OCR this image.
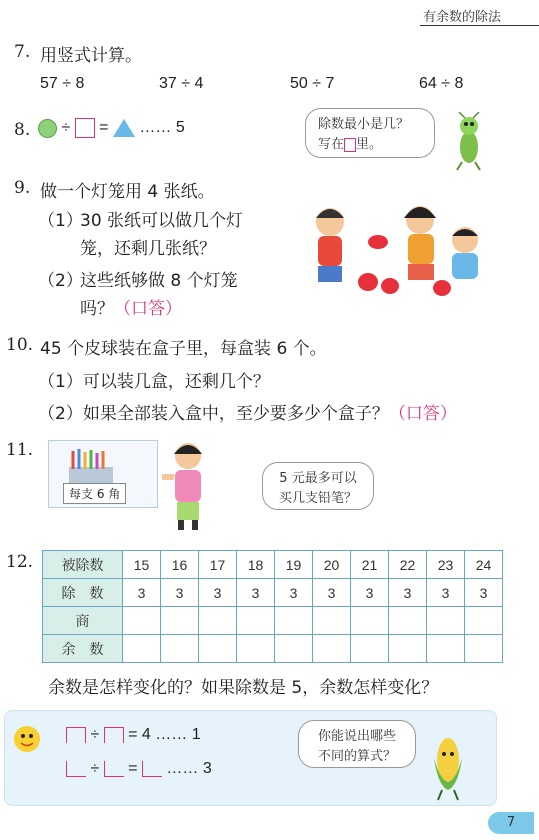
有余数的除法
7. 用竖式计算。
57 ÷ 8	37 ÷ 4	50 ÷ 7	64 ÷ 8
8.	÷ = …… 5	除数最小是几？
写在 里。
9. 做一个灯笼用 4 张纸。
（1）
30 张纸可以做几个灯
笼，还剩几张纸？
（2）
这些纸够做 8 个灯笼
吗？（口答）
10. 45 个皮球装在盒子里，每盒装 6 个。
（1）可以装几盒，还剩几个？
（2）如果全部装入盒中，至少要多少个盒子？（口答）
11.
每支 6 角
5 元最多可以
买几支铅笔？
12. 被除数	15	16	17	18	19	20	21	22	23	24
除　数	3	3	3	3	3	3	3	3	3	3
商										
余　数										
余数是怎样变化的？如果除数是 5，余数怎样变化？
÷ = 4 …… 1
÷ = …… 3
你能说出哪些
不同的算式？
7
